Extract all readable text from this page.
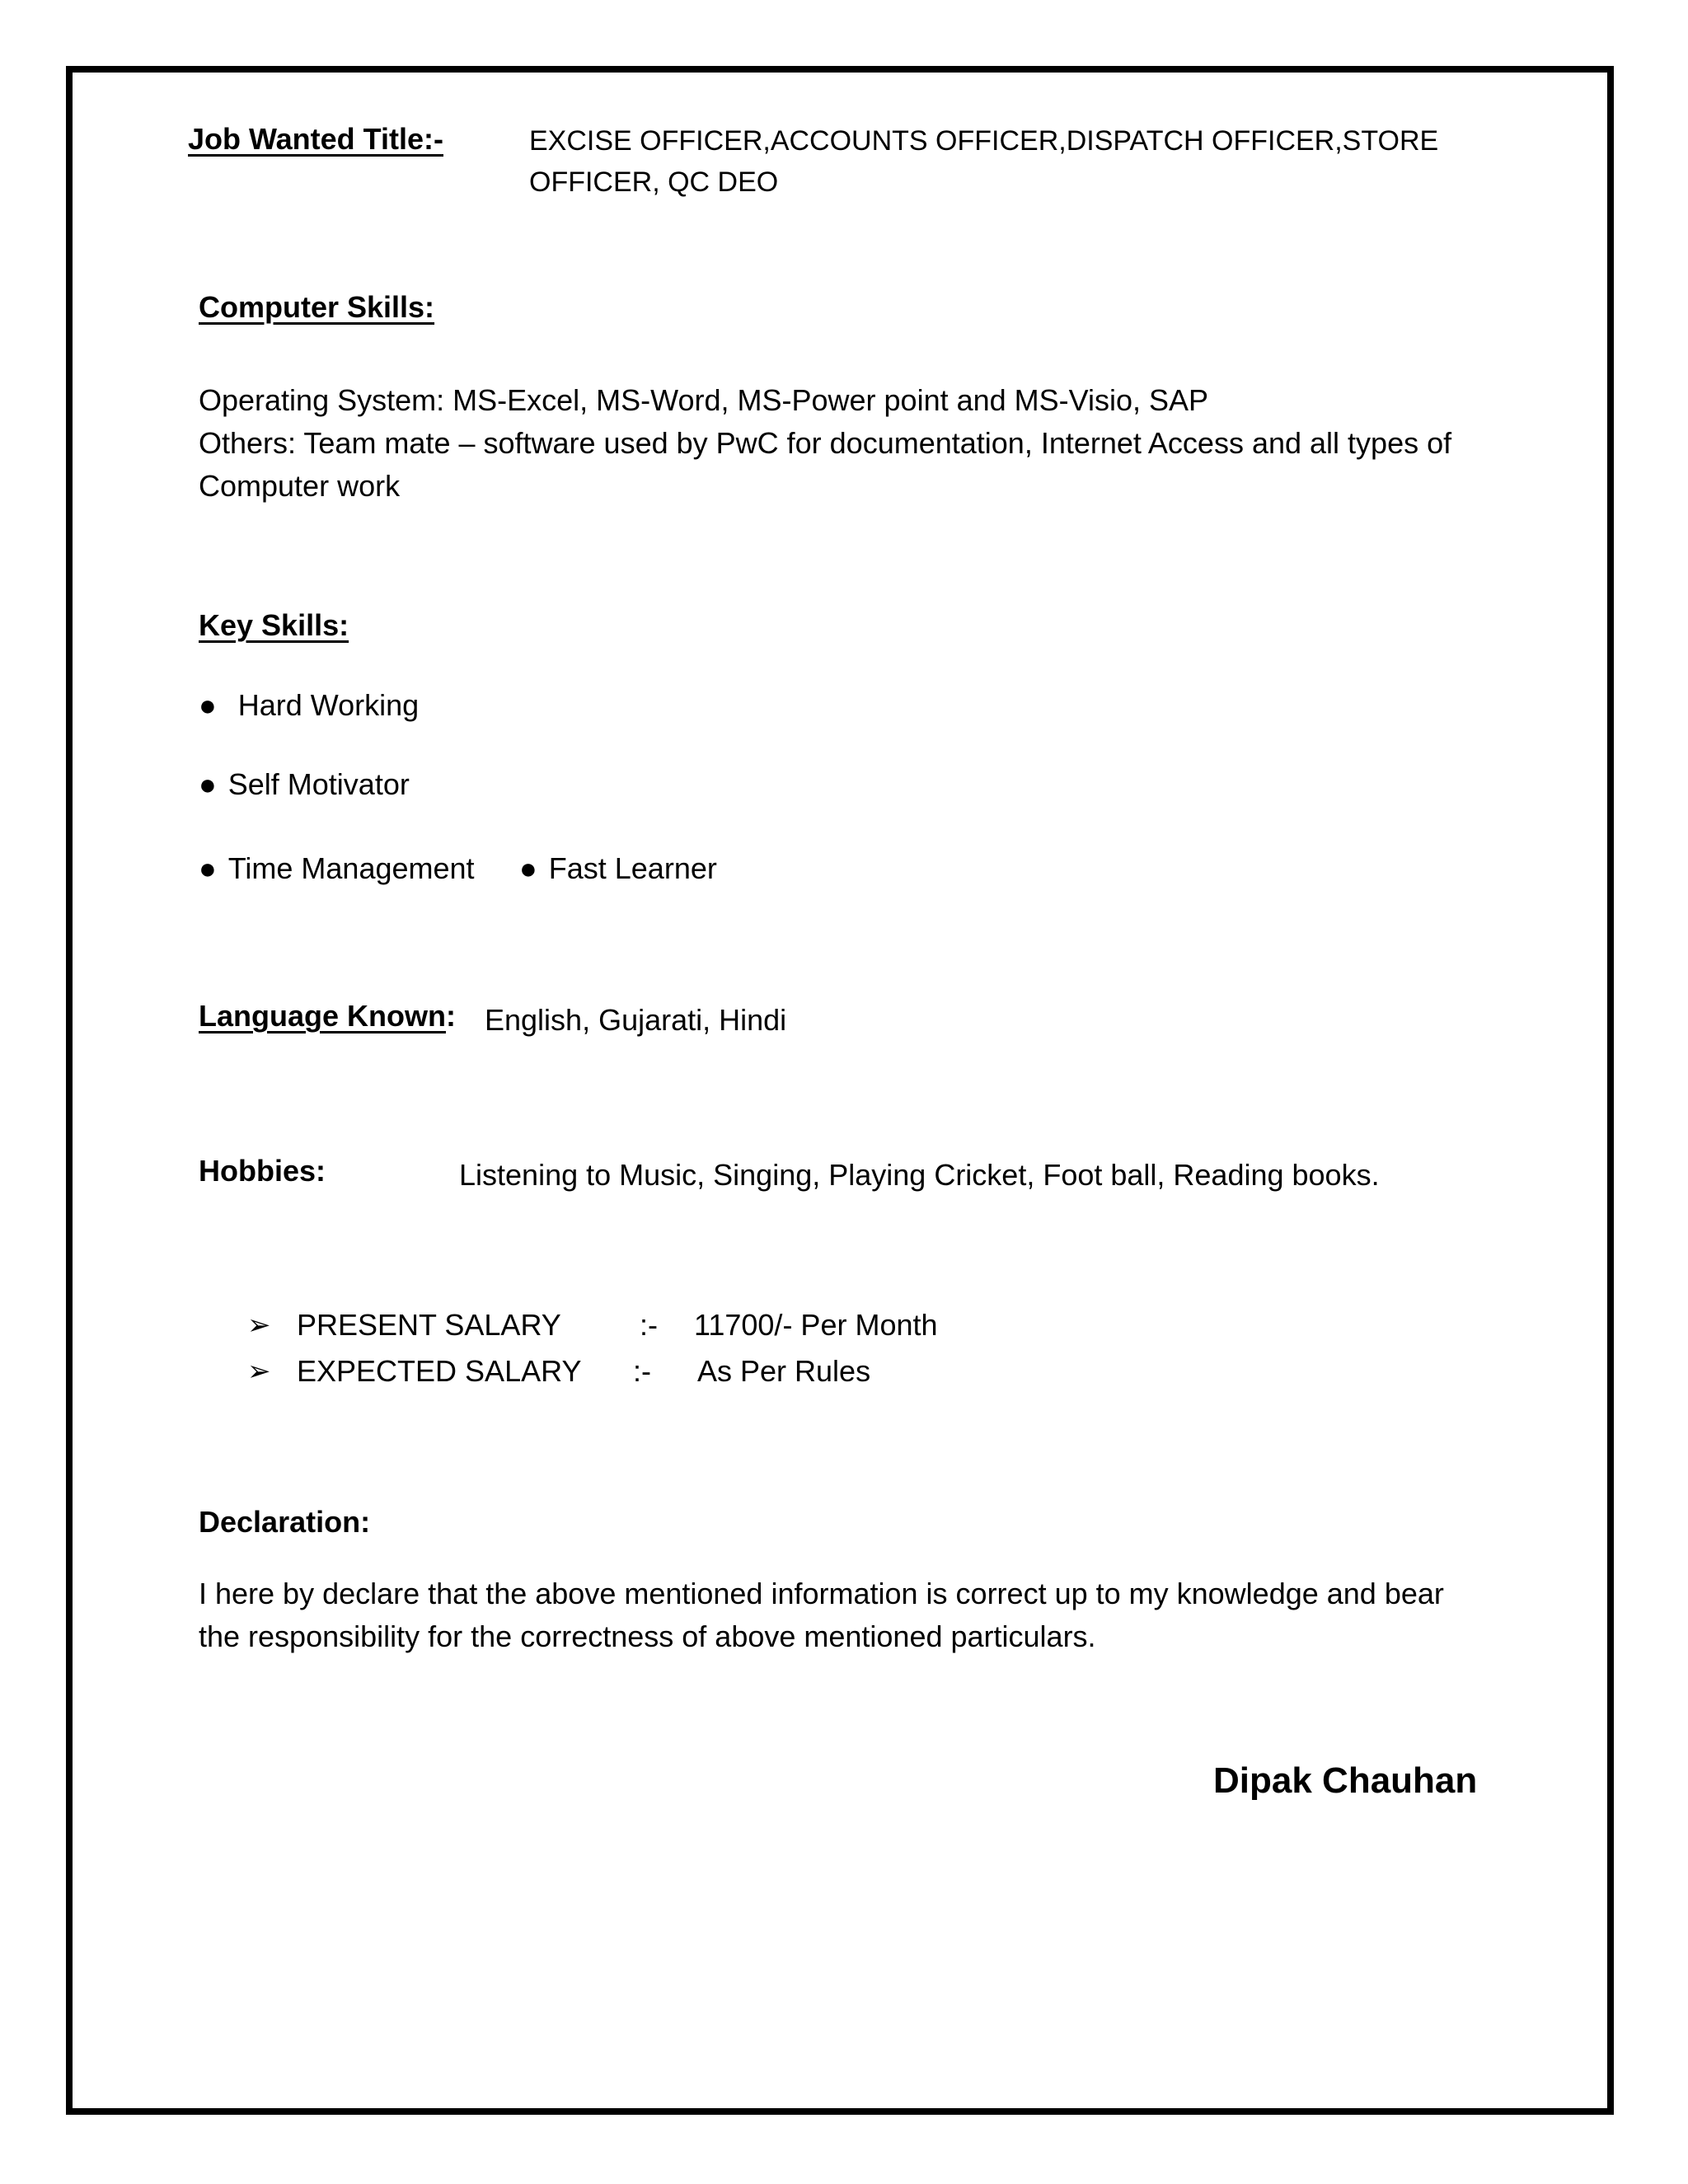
Job Wanted Title:-	EXCISE OFFICER,ACCOUNTS OFFICER,DISPATCH OFFICER,STORE OFFICER, QC DEO
Computer Skills:
Operating System: MS-Excel, MS-Word, MS-Power point and MS-Visio, SAP
Others: Team mate – software used by PwC for documentation, Internet Access and all types of Computer work
Key Skills:
● Hard Working
● Self Motivator
● Time Management ● Fast Learner
Language Known: English, Gujarati, Hindi
Hobbies:	Listening to Music, Singing, Playing Cricket, Foot ball, Reading books.
➢ PRESENT SALARY	:- 11700/- Per Month
➢ EXPECTED SALARY :- As Per Rules
Declaration:
I here by declare that the above mentioned information is correct up to my knowledge and bear the responsibility for the correctness of above mentioned particulars.
Dipak Chauhan
